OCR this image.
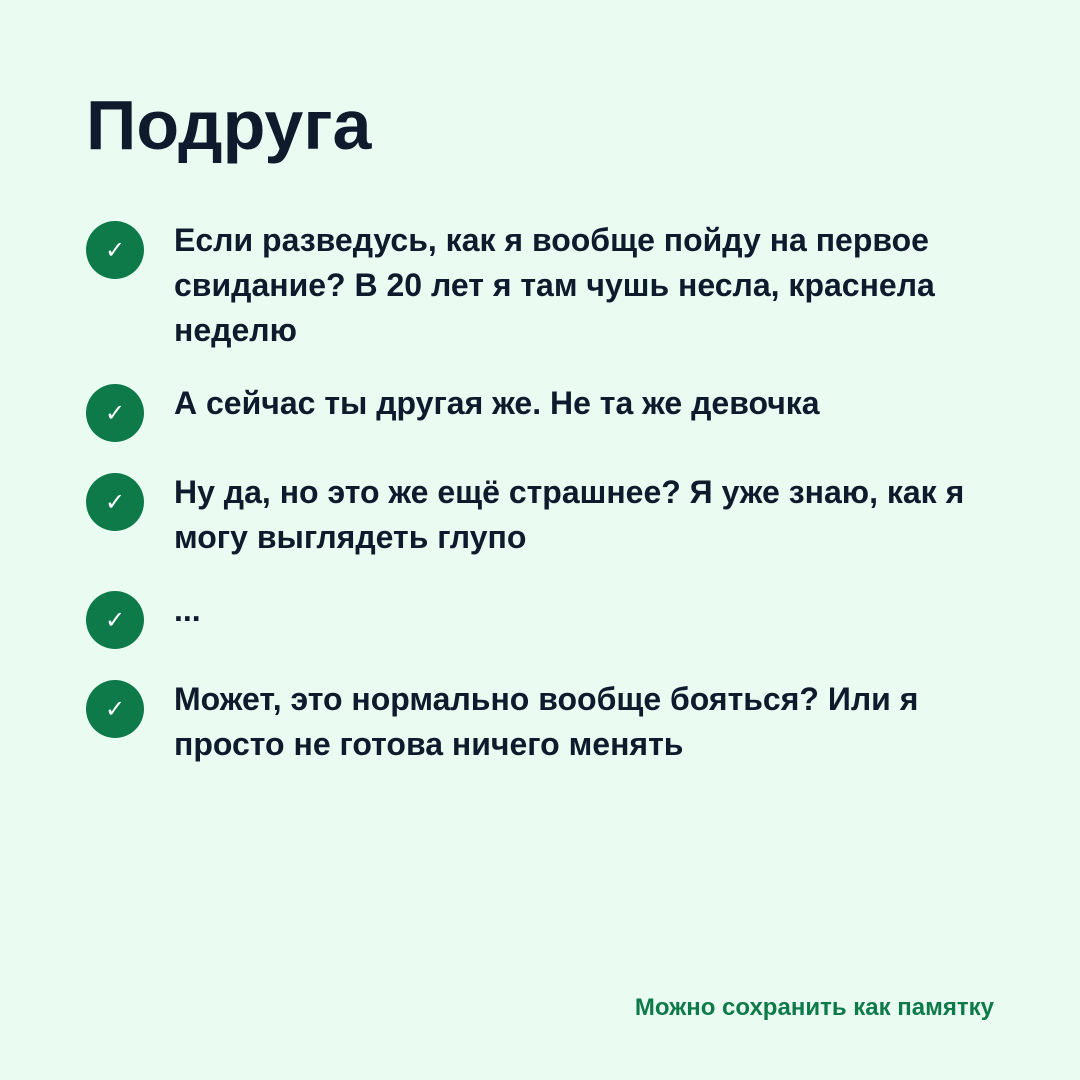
Подруга
✓	Если разведусь, как я вообще пойду на первое свидание? В 20 лет я там чушь несла, краснела неделю
✓	А сейчас ты другая же. Не та же девочка
✓	Ну да, но это же ещё страшнее? Я уже знаю, как я могу выглядеть глупо
✓	...
✓	Может, это нормально вообще бояться? Или я просто не готова ничего менять
Можно сохранить как памятку
